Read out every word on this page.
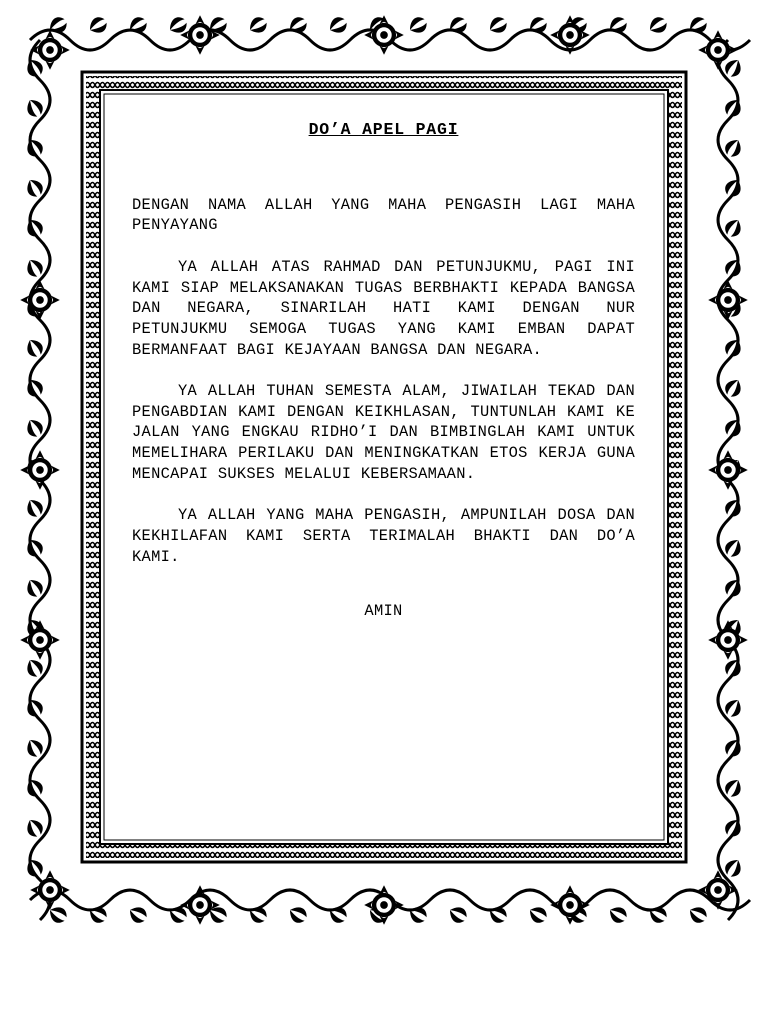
DO’A APEL PAGI
DENGAN NAMA ALLAH YANG MAHA PENGASIH LAGI MAHA PENYAYANG
YA ALLAH ATAS RAHMAD DAN PETUNJUKMU, PAGI INI KAMI SIAP MELAKSANAKAN TUGAS BERBHAKTI KEPADA BANGSA DAN NEGARA, SINARILAH HATI KAMI DENGAN NUR PETUNJUKMU SEMOGA TUGAS YANG KAMI EMBAN DAPAT BERMANFAAT BAGI KEJAYAAN BANGSA DAN NEGARA.
YA ALLAH TUHAN SEMESTA ALAM, JIWAILAH TEKAD DAN PENGABDIAN KAMI DENGAN KEIKHLASAN, TUNTUNLAH KAMI KE JALAN YANG ENGKAU RIDHO’I DAN BIMBINGLAH KAMI UNTUK MEMELIHARA PERILAKU DAN MENINGKATKAN ETOS KERJA GUNA MENCAPAI SUKSES MELALUI KEBERSAMAAN.
YA ALLAH YANG MAHA PENGASIH, AMPUNILAH DOSA DAN KEKHILAFAN KAMI SERTA TERIMALAH BHAKTI DAN DO’A KAMI.
AMIN
